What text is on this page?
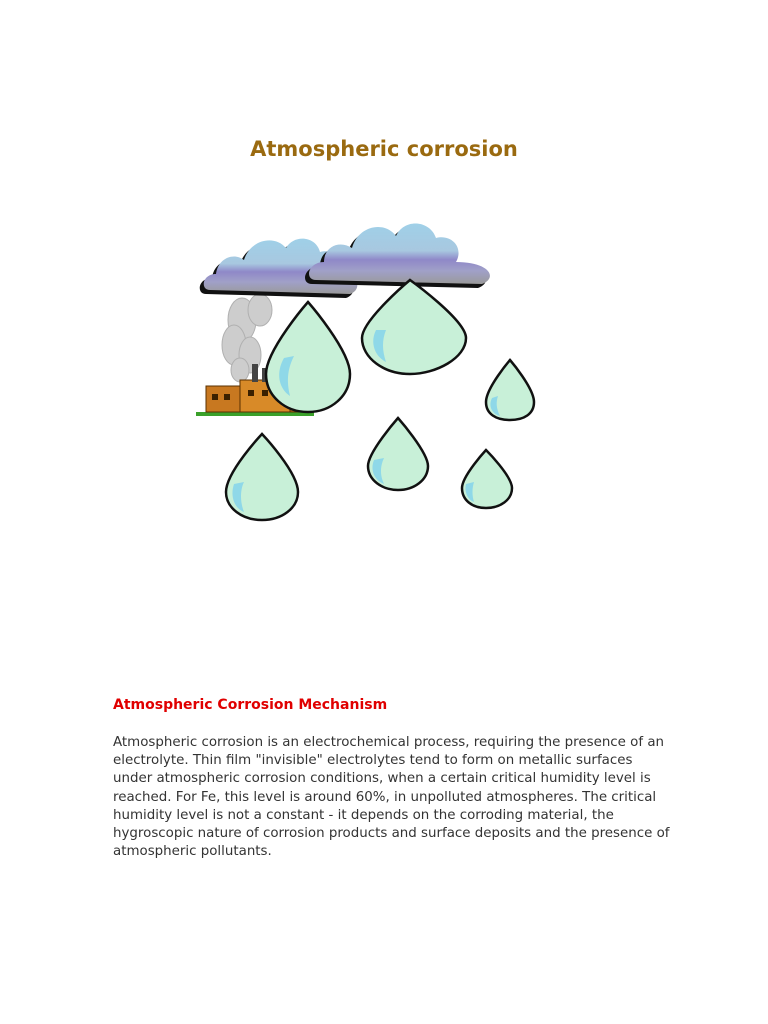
Atmospheric corrosion
Atmospheric Corrosion Mechanism

Atmospheric corrosion is an electrochemical process, requiring the presence of an electrolyte. Thin film "invisible" electrolytes tend to form on metallic surfaces under atmospheric corrosion conditions, when a certain critical humidity level is reached. For Fe, this level is around 60%, in unpolluted atmospheres. The critical humidity level is not a constant - it depends on the corroding material, the hygroscopic nature of corrosion products and surface deposits and the presence of atmospheric pollutants.
